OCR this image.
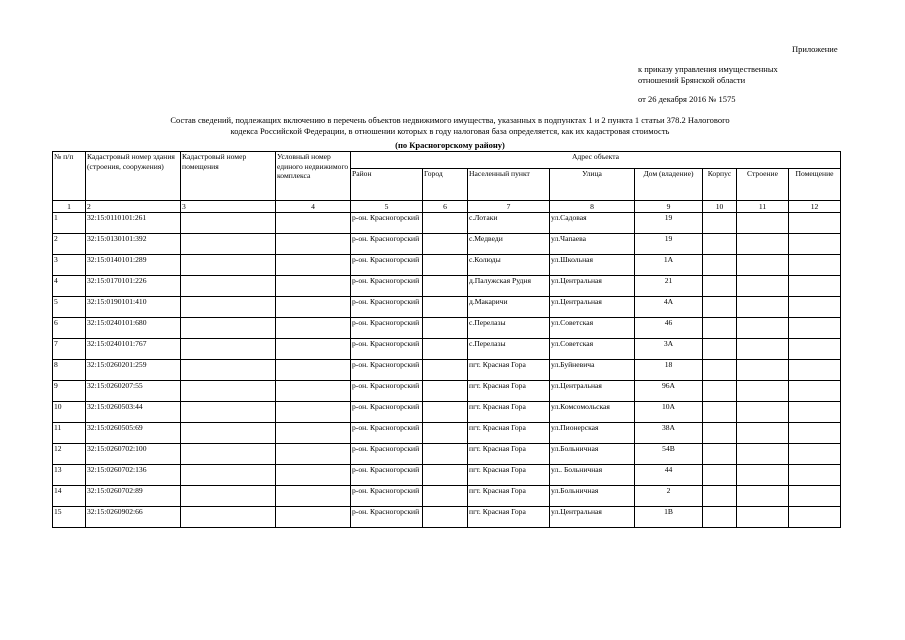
Приложение
к приказу управления имущественных
отношений Брянской области
от 26 декабря 2016 № 1575
Состав сведений, подлежащих включению в перечень объектов недвижимого имущества, указанных в подпунктах 1 и 2 пункта 1 статьи 378.2 Налогового
кодекса Российской Федерации, в отношении которых в году налоговая база определяется, как их кадастровая стоимость
(по Красногорскому району)
№ п/п	Кадастровый номер здания (строения, сооружения)	Кадастровый номер помещения	Условный номер единого недвижимого комплекса	Адрес объекта							
				Район	Город	Населенный пункт	Улица	Дом (владение)	Корпус	Строение	Помещение
1	2	3	4	5	6	7	8	9	10	11	12
1	32:15:0110101:261			р-он. Красногорский		с.Лотаки	ул.Садовая	19			
2	32:15:0130101:392			р-он. Красногорский		с.Медведи	ул.Чапаева	19			
3	32:15:0140101:289			р-он. Красногорский		с.Колюды	ул.Школьная	1А			
4	32:15:0170101:226			р-он. Красногорский		д.Палужская Рудня	ул.Центральная	21			
5	32:15:0190101:410			р-он. Красногорский		д.Макаричи	ул.Центральная	4А			
6	32:15:0240101:680			р-он. Красногорский		с.Перелазы	ул.Советская	46			
7	32:15:0240101:767			р-он. Красногорский		с.Перелазы	ул.Советская	3А			
8	32:15:0260201:259			р-он. Красногорский		пгт. Красная Гора	ул.Буйневича	18			
9	32:15:0260207:55			р-он. Красногорский		пгт. Красная Гора	ул.Центральная	96А			
10	32:15:0260503:44			р-он. Красногорский		пгт. Красная Гора	ул.Комсомольская	10А			
11	32:15:0260505:69			р-он. Красногорский		пгт. Красная Гора	ул.Пионерская	38А			
12	32:15:0260702:100			р-он. Красногорский		пгт. Красная Гора	ул.Больничная	54В			
13	32:15:0260702:136			р-он. Красногорский		пгт. Красная Гора	ул.. Больничная	44			
14	32:15:0260702:89			р-он. Красногорский		пгт. Красная Гора	ул.Больничная	2			
15	32:15:0260902:66			р-он. Красногорский		пгт. Красная Гора	ул.Центральная	1В			
